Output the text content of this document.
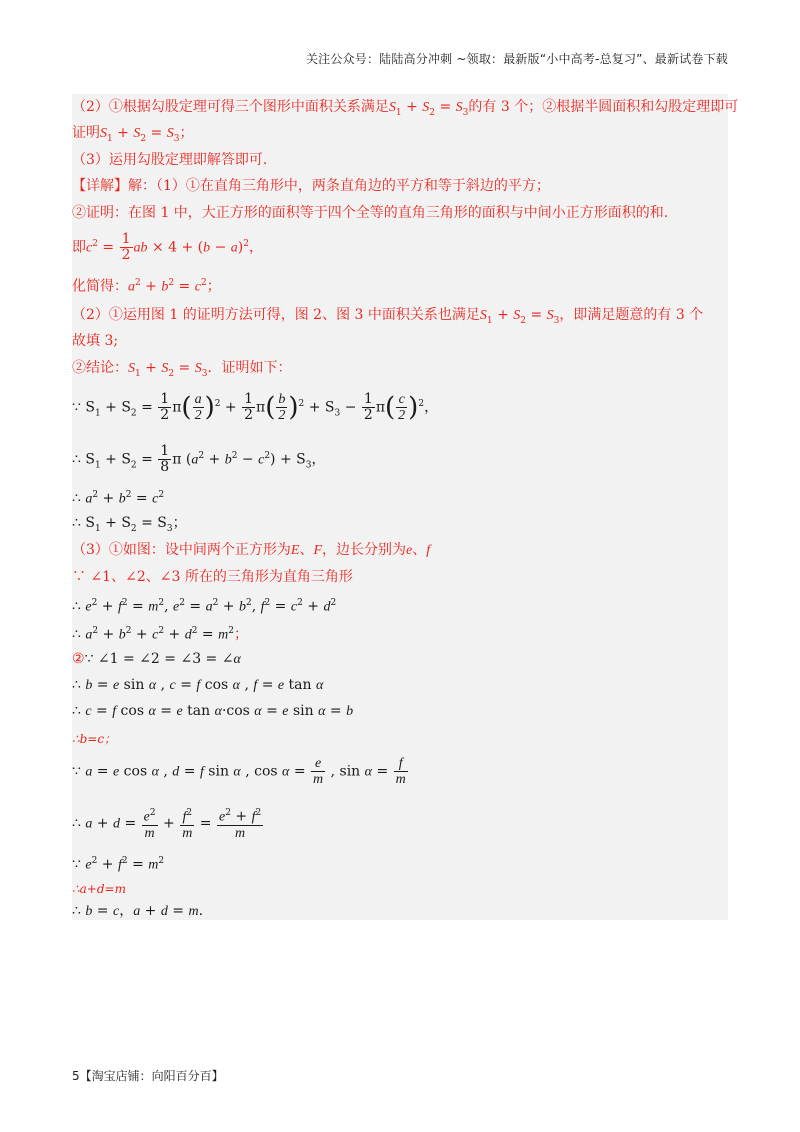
关注公众号：陆陆高分冲刺 ~领取：最新版“小中高考-总复习”、最新试卷下载
（2）①根据勾股定理可得三个图形中面积关系满足$S_1 + S_2 = S_3$的有 3 个；②根据半圆面积和勾股定理即可
证明$S_1 + S_2 = S_3$；
（3）运用勾股定理即解答即可.
【详解】解：（1）①在直角三角形中，两条直角边的平方和等于斜边的平方；
②证明：在图 1 中，大正方形的面积等于四个全等的直角三角形的面积与中间小正方形面积的和.
即$c^2 = \frac{1}{2}$ ab × $4 + (b - a)^2$，
化简得：$a^2 + b^2 = c^2$；
（2）①运用图 1 的证明方法可得，图 2、图 3 中面积关系也满足$S_1 + S_2 = S_3$，即满足题意的有 3 个
故填 3;
②结论：$S_1 + S_2 = S_3$．证明如下：
∵ $S_1 + S_2 = \frac{1}{2} \pi( \frac{a}{2} )^2 + \frac{1}{2} \pi( \frac{b}{2} )^2 + S_3 - \frac{1}{2} \pi( \frac{c}{2} )^2$，
∴ $S_1 + S_2 = \frac{1}{8}$ π $(a^2 + b^2 - c^2) + S_3$，
∴ $a^2 + b^2 = c^2$
∴ $S_1 + S_2 = S_3$；
（3）①如图：设中间两个正方形为E、F，边长分别为e、f
∵ ∠1、∠2、∠3 所在的三角形为直角三角形
∴ $e^2 + f^2 = m^2$, $e^2 = a^2 + b^2$, $f^2 = c^2 + d^2$
∴ $a^2 + b^2 + c^2 + d^2 = m^2$；
②∵ ∠1 = ∠2 = ∠3 = ∠α
∴ b = e sin α , c = f cos α , f = e tan α
∴ c = f cos α = e tan α·cos α = e sin α = b
∴b=c；
∵ a = e cos α , d = f sin α , $\cos \alpha = \frac{e}{m}$ , $\sin \alpha = \frac{f}{m}$
∴ $a + d = \frac{e^2}{m} + \frac{f^2}{m} = \frac{e^2 + f^2}{m}$
∵ $e^2 + f^2 = m^2$
∴a+d=m
∴ b = c，a + d = m.
5【淘宝店铺：向阳百分百】
